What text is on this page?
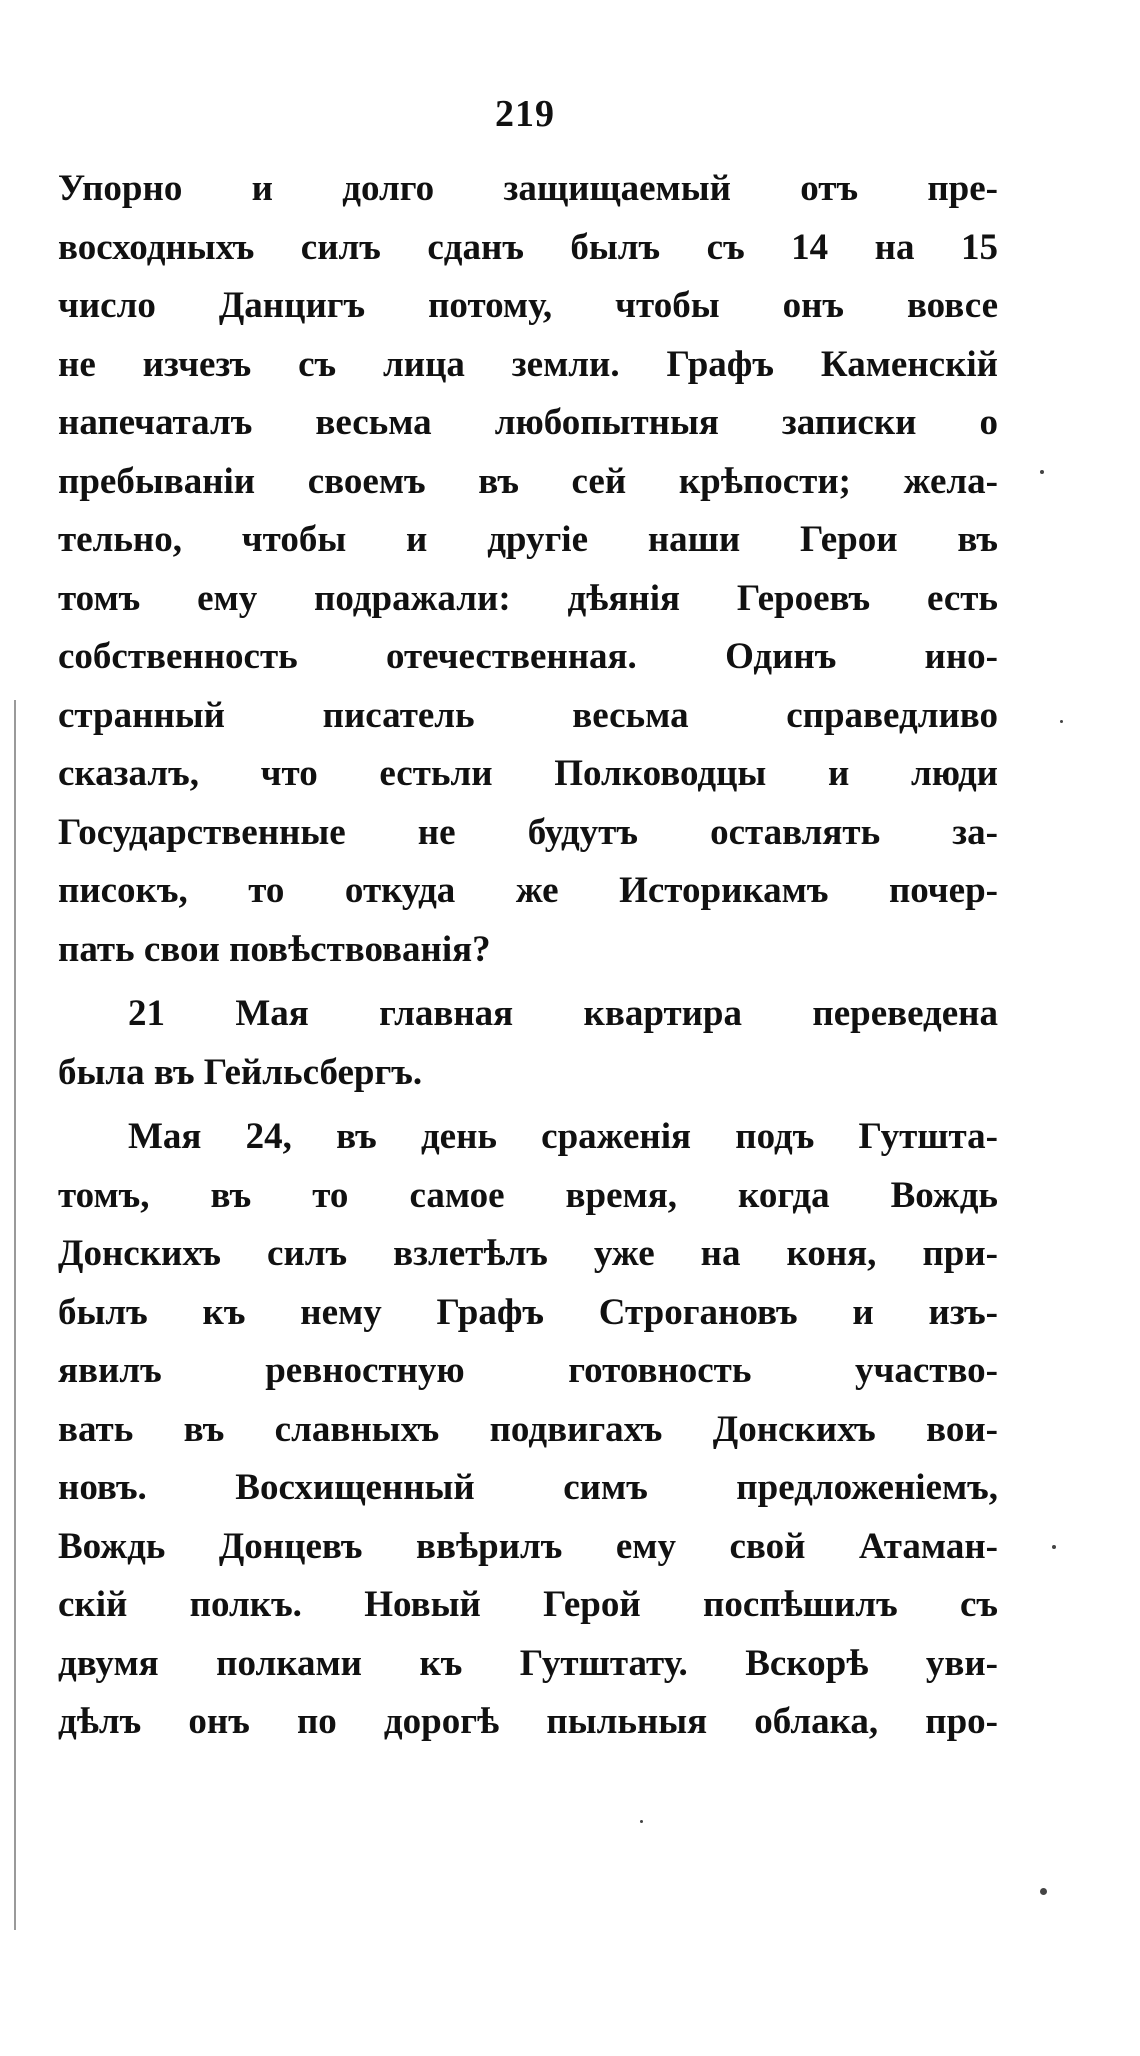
219
Упорно и долго защищаемый отъ пре-
восходныхъ силъ сданъ былъ съ 14 на 15
число Данцигъ потому, чтобы онъ вовсе
не изчезъ съ лица земли. Графъ Каменскій
напечаталъ весьма любопытныя записки о
пребываніи своемъ въ сей крѣпости; жела-
тельно, чтобы и другіе наши Герои въ
томъ ему подражали: дѣянія Героевъ есть
собственность отечественная. Одинъ ино-
странный писатель весьма справедливо
сказалъ, что естьли Полководцы и люди
Государственные не будутъ оставлять за-
писокъ, то откуда же Историкамъ почер-
пать свои повѣствованія?
21 Мая главная квартира переведена
была въ Гейльсбергъ.
Мая 24, въ день сраженія подъ Гутшта-
томъ, въ то самое время, когда Вождь
Донскихъ силъ взлетѣлъ уже на коня, при-
былъ къ нему Графъ Строгановъ и изъ-
явилъ ревностную готовность участво-
вать въ славныхъ подвигахъ Донскихъ вои-
новъ. Восхищенный симъ предложеніемъ,
Вождь Донцевъ ввѣрилъ ему свой Атаман-
скій полкъ. Новый Герой поспѣшилъ съ
двумя полками къ Гутштату. Вскорѣ уви-
дѣлъ онъ по дорогѣ пыльныя облака, про-
